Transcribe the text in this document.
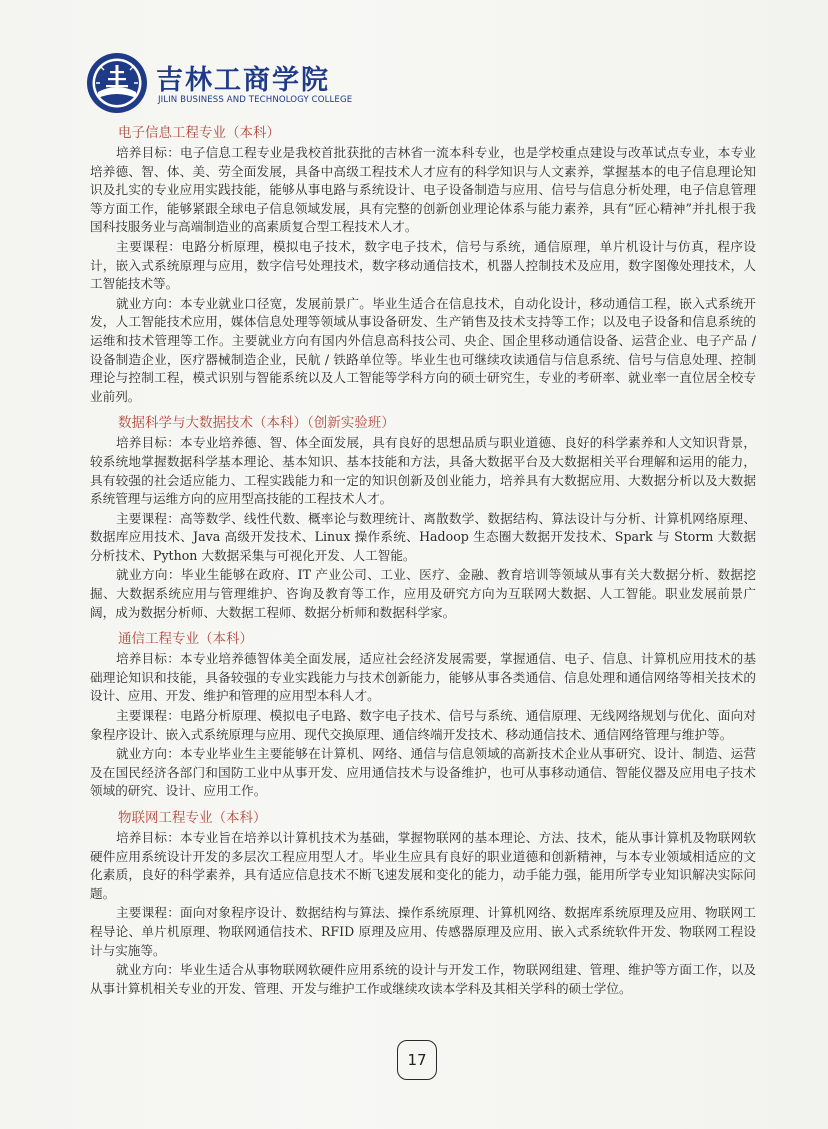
吉林工商学院
JILIN BUSINESS AND TECHNOLOGY COLLEGE
电子信息工程专业（本科）

培养目标：电子信息工程专业是我校首批获批的吉林省一流本科专业，也是学校重点建设与改革试点专业，本专业培养德、智、体、美、劳全面发展，具备中高级工程技术人才应有的科学知识与人文素养，掌握基本的电子信息理论知识及扎实的专业应用实践技能，能够从事电路与系统设计、电子设备制造与应用、信号与信息分析处理，电子信息管理等方面工作，能够紧跟全球电子信息领域发展，具有完整的创新创业理论体系与能力素养，具有“匠心精神”并扎根于我国科技服务业与高端制造业的高素质复合型工程技术人才。

主要课程：电路分析原理，模拟电子技术，数字电子技术，信号与系统，通信原理，单片机设计与仿真，程序设计，嵌入式系统原理与应用，数字信号处理技术，数字移动通信技术，机器人控制技术及应用，数字图像处理技术，人工智能技术等。

就业方向：本专业就业口径宽，发展前景广。毕业生适合在信息技术，自动化设计，移动通信工程，嵌入式系统开发，人工智能技术应用，媒体信息处理等领域从事设备研发、生产销售及技术支持等工作；以及电子设备和信息系统的运维和技术管理等工作。主要就业方向有国内外信息高科技公司、央企、国企里移动通信设备、运营企业、电子产品 / 设备制造企业，医疗器械制造企业，民航 / 铁路单位等。毕业生也可继续攻读通信与信息系统、信号与信息处理、控制理论与控制工程，模式识别与智能系统以及人工智能等学科方向的硕士研究生，专业的考研率、就业率一直位居全校专业前列。

数据科学与大数据技术（本科）（创新实验班）

培养目标：本专业培养德、智、体全面发展，具有良好的思想品质与职业道德、良好的科学素养和人文知识背景，较系统地掌握数据科学基本理论、基本知识、基本技能和方法，具备大数据平台及大数据相关平台理解和运用的能力，具有较强的社会适应能力、工程实践能力和一定的知识创新及创业能力，培养具有大数据应用、大数据分析以及大数据系统管理与运维方向的应用型高技能的工程技术人才。

主要课程：高等数学、线性代数、概率论与数理统计、离散数学、数据结构、算法设计与分析、计算机网络原理、数据库应用技术、Java 高级开发技术、Linux 操作系统、Hadoop 生态圈大数据开发技术、Spark 与 Storm 大数据分析技术、Python 大数据采集与可视化开发、人工智能。

就业方向：毕业生能够在政府、IT 产业公司、工业、医疗、金融、教育培训等领域从事有关大数据分析、数据挖掘、大数据系统应用与管理维护、咨询及教育等工作，应用及研究方向为互联网大数据、人工智能。职业发展前景广阔，成为数据分析师、大数据工程师、数据分析师和数据科学家。

通信工程专业（本科）

培养目标：本专业培养德智体美全面发展，适应社会经济发展需要，掌握通信、电子、信息、计算机应用技术的基础理论知识和技能，具备较强的专业实践能力与技术创新能力，能够从事各类通信、信息处理和通信网络等相关技术的设计、应用、开发、维护和管理的应用型本科人才。

主要课程：电路分析原理、模拟电子电路、数字电子技术、信号与系统、通信原理、无线网络规划与优化、面向对象程序设计、嵌入式系统原理与应用、现代交换原理、通信终端开发技术、移动通信技术、通信网络管理与维护等。

就业方向：本专业毕业生主要能够在计算机、网络、通信与信息领域的高新技术企业从事研究、设计、制造、运营及在国民经济各部门和国防工业中从事开发、应用通信技术与设备维护，也可从事移动通信、智能仪器及应用电子技术领域的研究、设计、应用工作。

物联网工程专业（本科）

培养目标：本专业旨在培养以计算机技术为基础，掌握物联网的基本理论、方法、技术，能从事计算机及物联网软硬件应用系统设计开发的多层次工程应用型人才。毕业生应具有良好的职业道德和创新精神，与本专业领域相适应的文化素质，良好的科学素养，具有适应信息技术不断飞速发展和变化的能力，动手能力强，能用所学专业知识解决实际问题。

主要课程：面向对象程序设计、数据结构与算法、操作系统原理、计算机网络、数据库系统原理及应用、物联网工程导论、单片机原理、物联网通信技术、RFID 原理及应用、传感器原理及应用、嵌入式系统软件开发、物联网工程设计与实施等。

就业方向：毕业生适合从事物联网软硬件应用系统的设计与开发工作，物联网组建、管理、维护等方面工作，以及从事计算机相关专业的开发、管理、开发与维护工作或继续攻读本学科及其相关学科的硕士学位。

17
